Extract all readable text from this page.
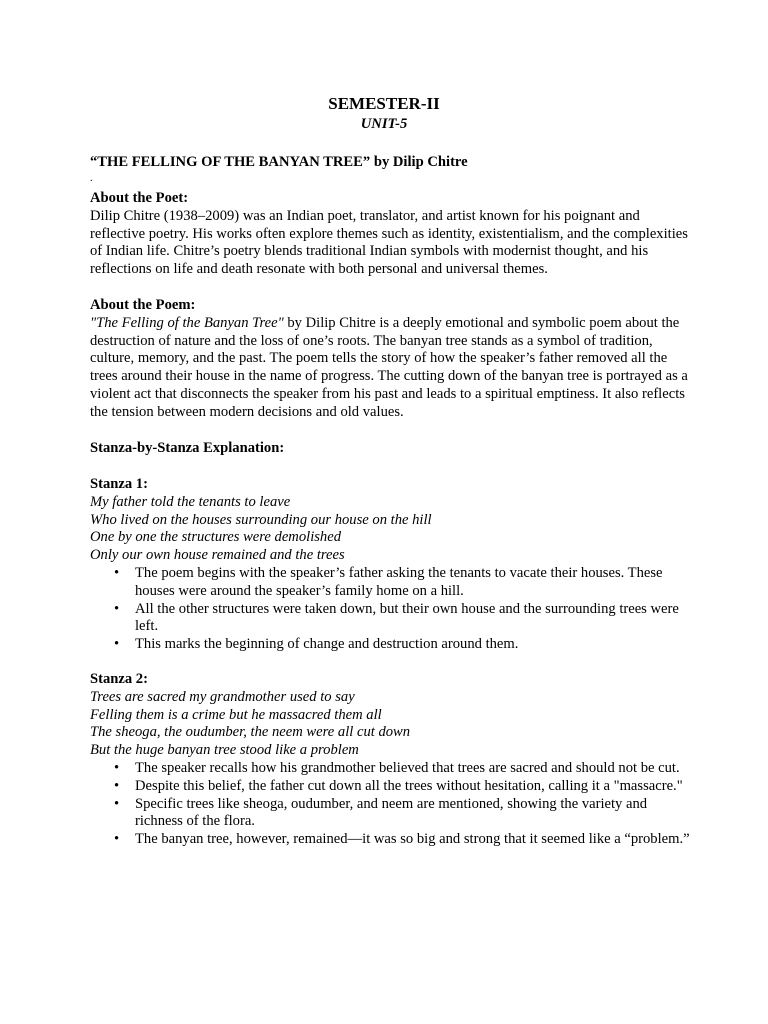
SEMESTER-II
UNIT-5
“THE FELLING OF THE BANYAN TREE” by Dilip Chitre
.

About the Poet:

Dilip Chitre (1938–2009) was an Indian poet, translator, and artist known for his poignant and reflective poetry. His works often explore themes such as identity, existentialism, and the complexities of Indian life. Chitre’s poetry blends traditional Indian symbols with modernist thought, and his reflections on life and death resonate with both personal and universal themes.

About the Poem:

"The Felling of the Banyan Tree" by Dilip Chitre is a deeply emotional and symbolic poem about the destruction of nature and the loss of one’s roots. The banyan tree stands as a symbol of tradition, culture, memory, and the past. The poem tells the story of how the speaker’s father removed all the trees around their house in the name of progress. The cutting down of the banyan tree is portrayed as a violent act that disconnects the speaker from his past and leads to a spiritual emptiness. It also reflects the tension between modern decisions and old values.

Stanza-by-Stanza Explanation:

Stanza 1:

My father told the tenants to leave

Who lived on the houses surrounding our house on the hill

One by one the structures were demolished

Only our own house remained and the trees

• The poem begins with the speaker’s father asking the tenants to vacate their houses. These houses were around the speaker’s family home on a hill.
• All the other structures were taken down, but their own house and the surrounding trees were left.
• This marks the beginning of change and destruction around them.

Stanza 2:

Trees are sacred my grandmother used to say

Felling them is a crime but he massacred them all

The sheoga, the oudumber, the neem were all cut down

But the huge banyan tree stood like a problem

• The speaker recalls how his grandmother believed that trees are sacred and should not be cut.
• Despite this belief, the father cut down all the trees without hesitation, calling it a "massacre."
• Specific trees like sheoga, oudumber, and neem are mentioned, showing the variety and richness of the flora.
• The banyan tree, however, remained—it was so big and strong that it seemed like a “problem.”
